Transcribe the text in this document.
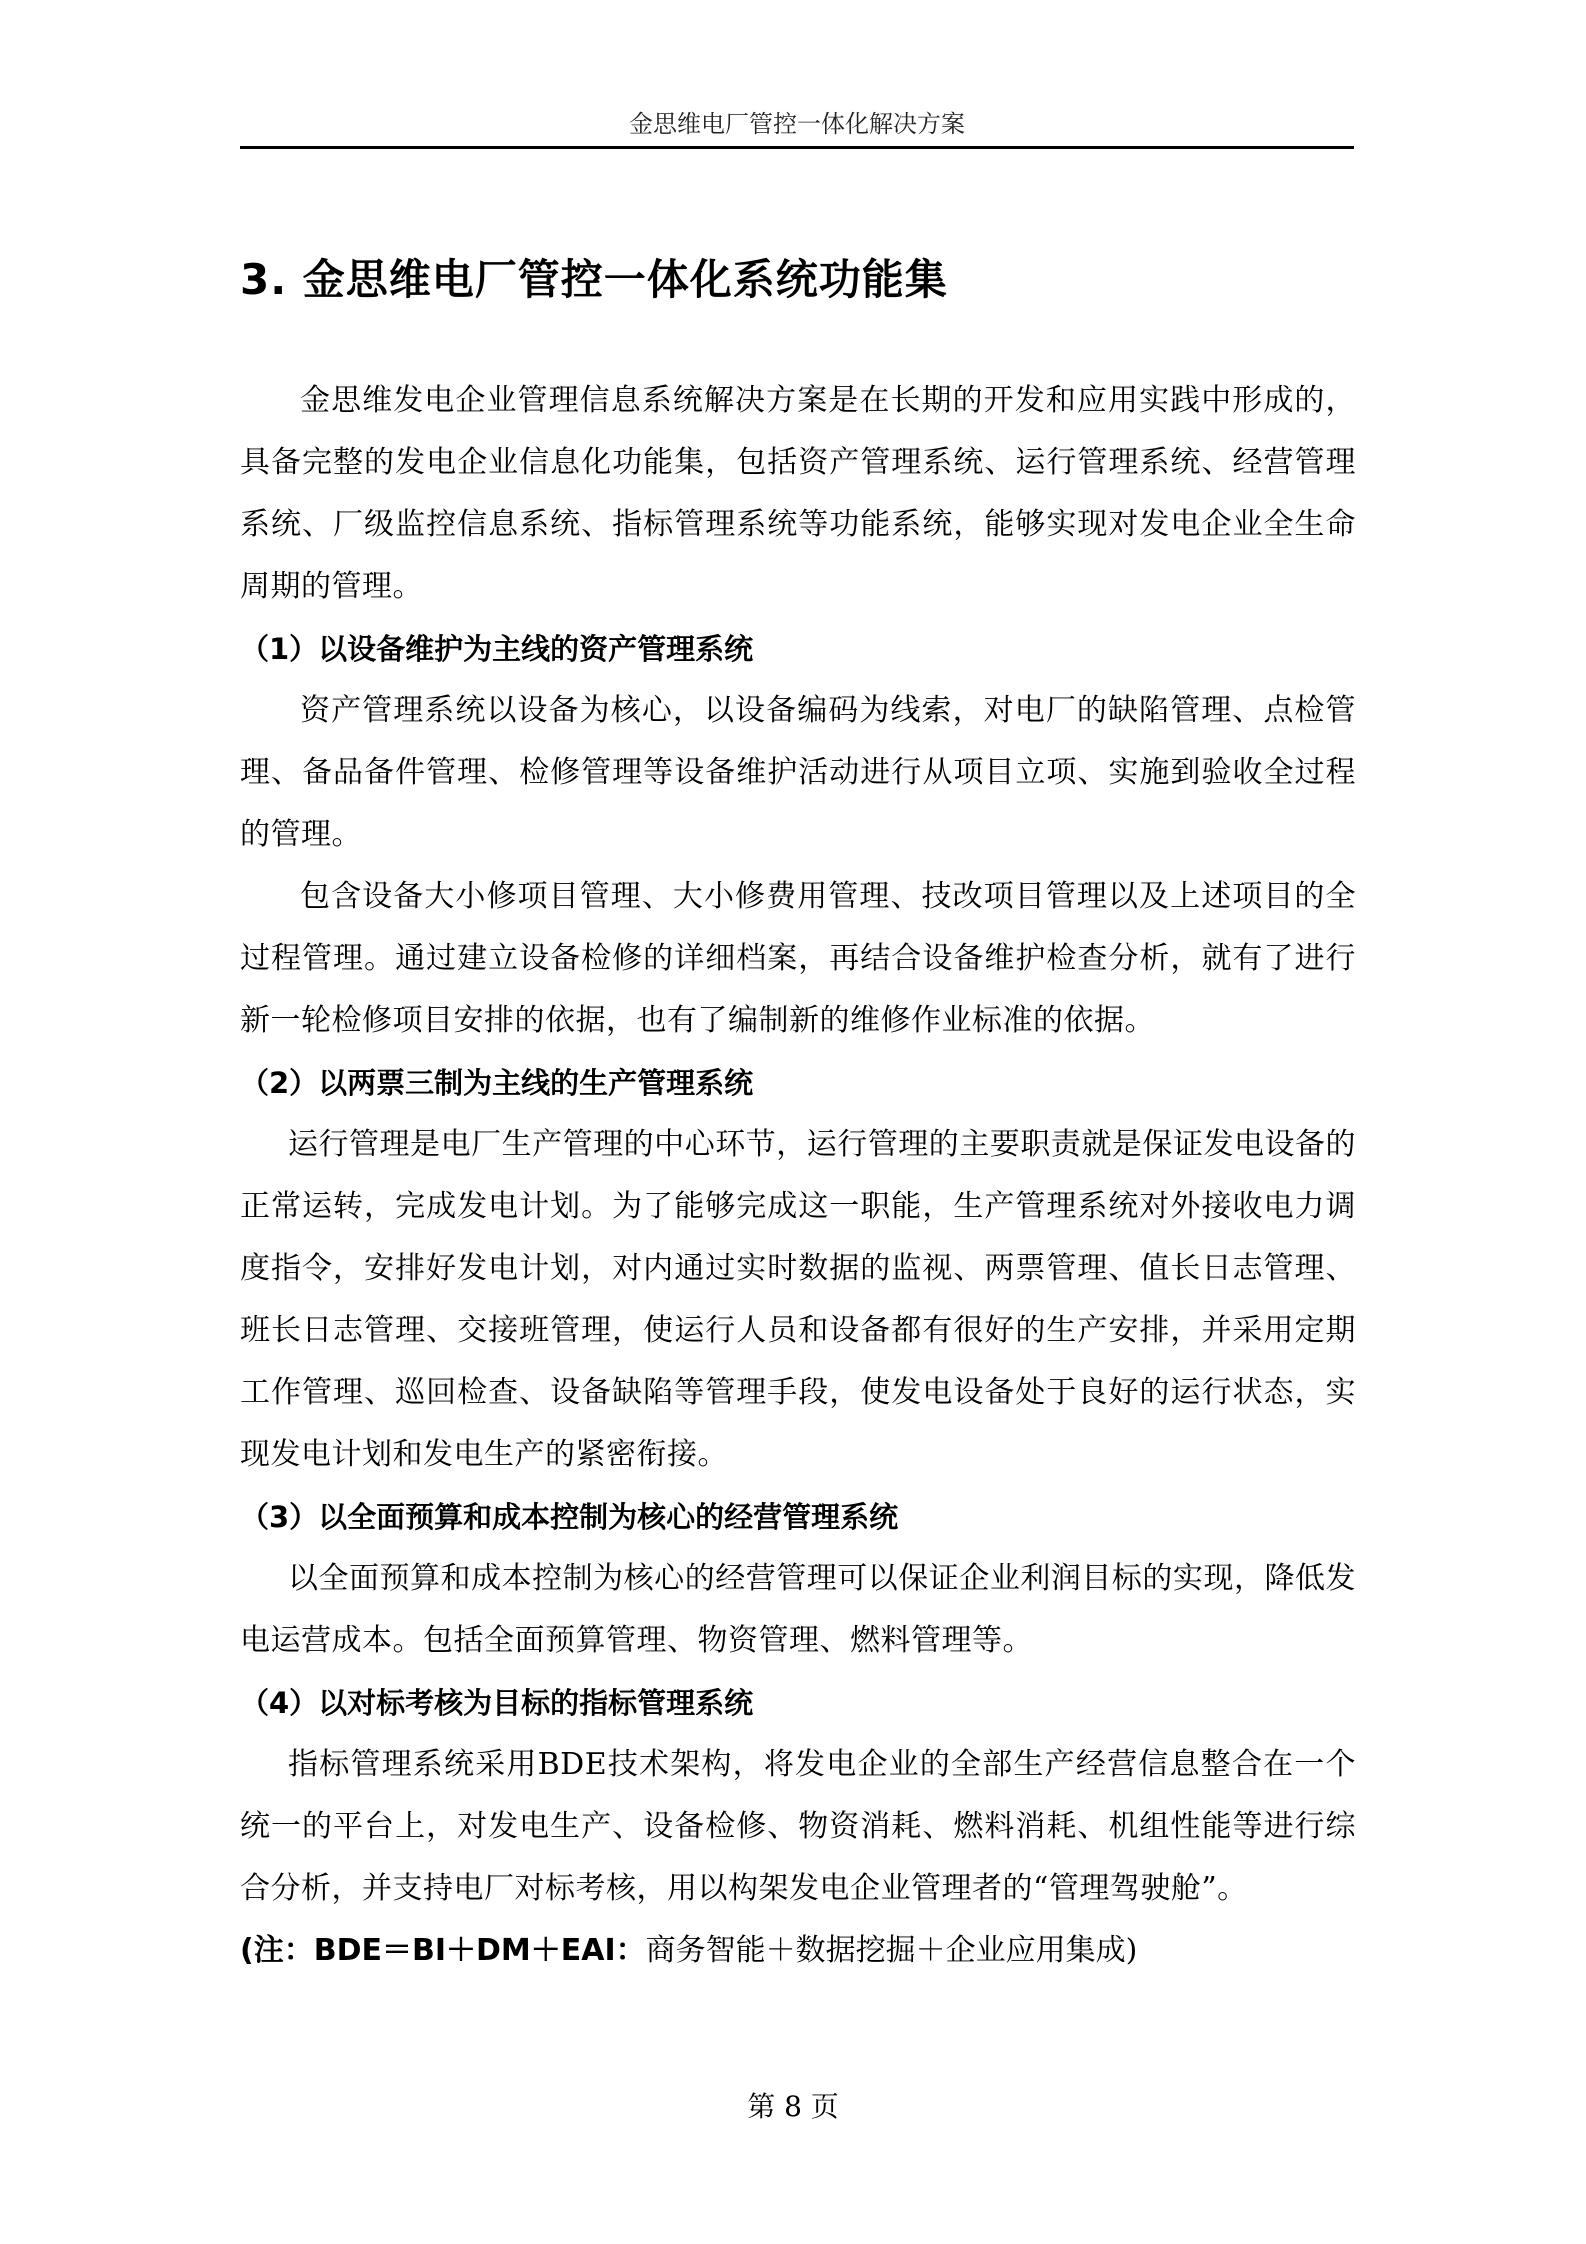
金思维电厂管控一体化解决方案
3. 金思维电厂管控一体化系统功能集

金思维发电企业管理信息系统解决方案是在长期的开发和应用实践中形成的，具备完整的发电企业信息化功能集，包括资产管理系统、运行管理系统、经营管理系统、厂级监控信息系统、指标管理系统等功能系统，能够实现对发电企业全生命周期的管理。

（1）以设备维护为主线的资产管理系统

资产管理系统以设备为核心，以设备编码为线索，对电厂的缺陷管理、点检管理、备品备件管理、检修管理等设备维护活动进行从项目立项、实施到验收全过程的管理。

包含设备大小修项目管理、大小修费用管理、技改项目管理以及上述项目的全过程管理。通过建立设备检修的详细档案，再结合设备维护检查分析，就有了进行新一轮检修项目安排的依据，也有了编制新的维修作业标准的依据。

（2）以两票三制为主线的生产管理系统

运行管理是电厂生产管理的中心环节，运行管理的主要职责就是保证发电设备的正常运转，完成发电计划。为了能够完成这一职能，生产管理系统对外接收电力调度指令，安排好发电计划，对内通过实时数据的监视、两票管理、值长日志管理、班长日志管理、交接班管理，使运行人员和设备都有很好的生产安排，并采用定期工作管理、巡回检查、设备缺陷等管理手段，使发电设备处于良好的运行状态，实现发电计划和发电生产的紧密衔接。

（3）以全面预算和成本控制为核心的经营管理系统

以全面预算和成本控制为核心的经营管理可以保证企业利润目标的实现，降低发电运营成本。包括全面预算管理、物资管理、燃料管理等。

（4）以对标考核为目标的指标管理系统

指标管理系统采用BDE技术架构，将发电企业的全部生产经营信息整合在一个统一的平台上，对发电生产、设备检修、物资消耗、燃料消耗、机组性能等进行综合分析，并支持电厂对标考核，用以构架发电企业管理者的“管理驾驶舱”。

(注：BDE＝BI＋DM＋EAI：商务智能＋数据挖掘＋企业应用集成)

第 8 页
